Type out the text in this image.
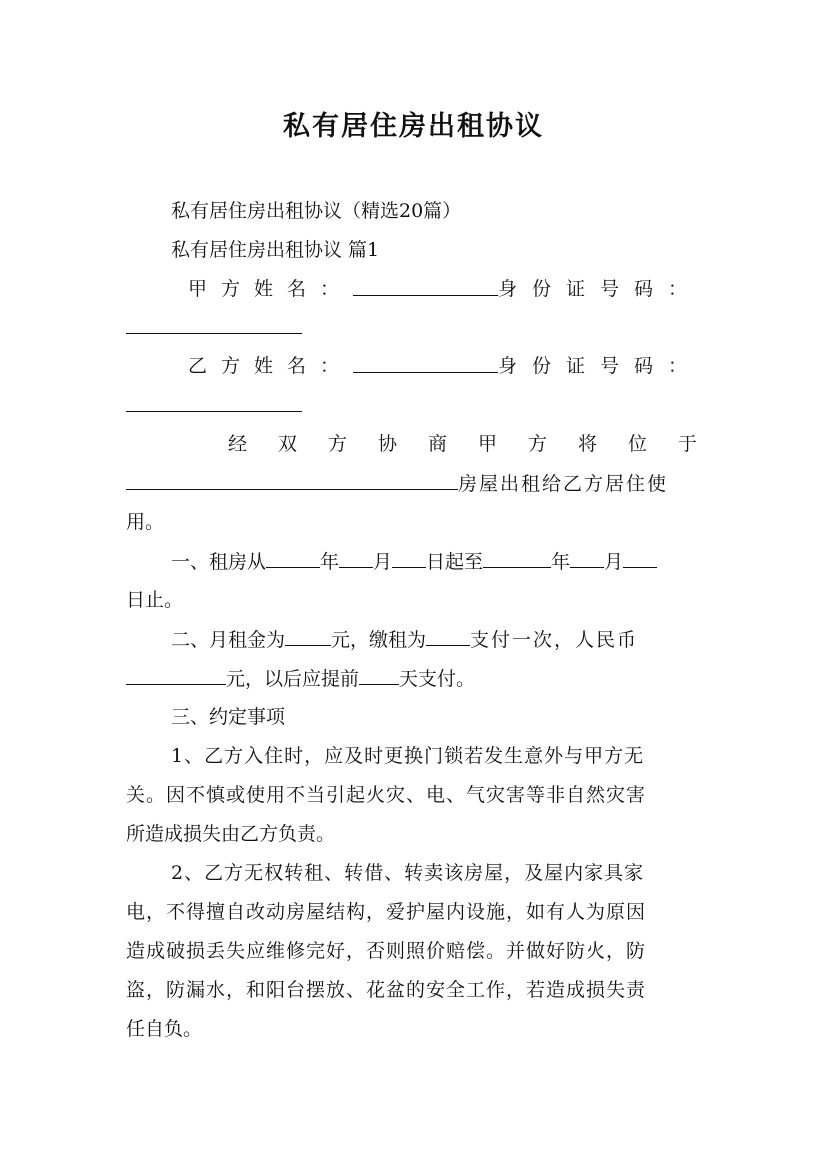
私有居住房出租协议
私有居住房出租协议（精选20篇）
私有居住房出租协议 篇1
甲方姓名：	身份证号码：
乙方姓名：	身份证号码：
经双方协商甲方将位于
房屋出租给乙方居住使
用。
一、租房从	年 月 日起至	年 月
日止。
二、月租金为 元，缴租为 支付一次，人民币
元，以后应提前 天支付。
三、约定事项
1、乙方入住时，应及时更换门锁若发生意外与甲方无
关。因不慎或使用不当引起火灾、电、气灾害等非自然灾害
所造成损失由乙方负责。
2、乙方无权转租、转借、转卖该房屋，及屋内家具家
电，不得擅自改动房屋结构，爱护屋内设施，如有人为原因
造成破损丢失应维修完好，否则照价赔偿。并做好防火，防
盗，防漏水，和阳台摆放、花盆的安全工作，若造成损失责
任自负。
